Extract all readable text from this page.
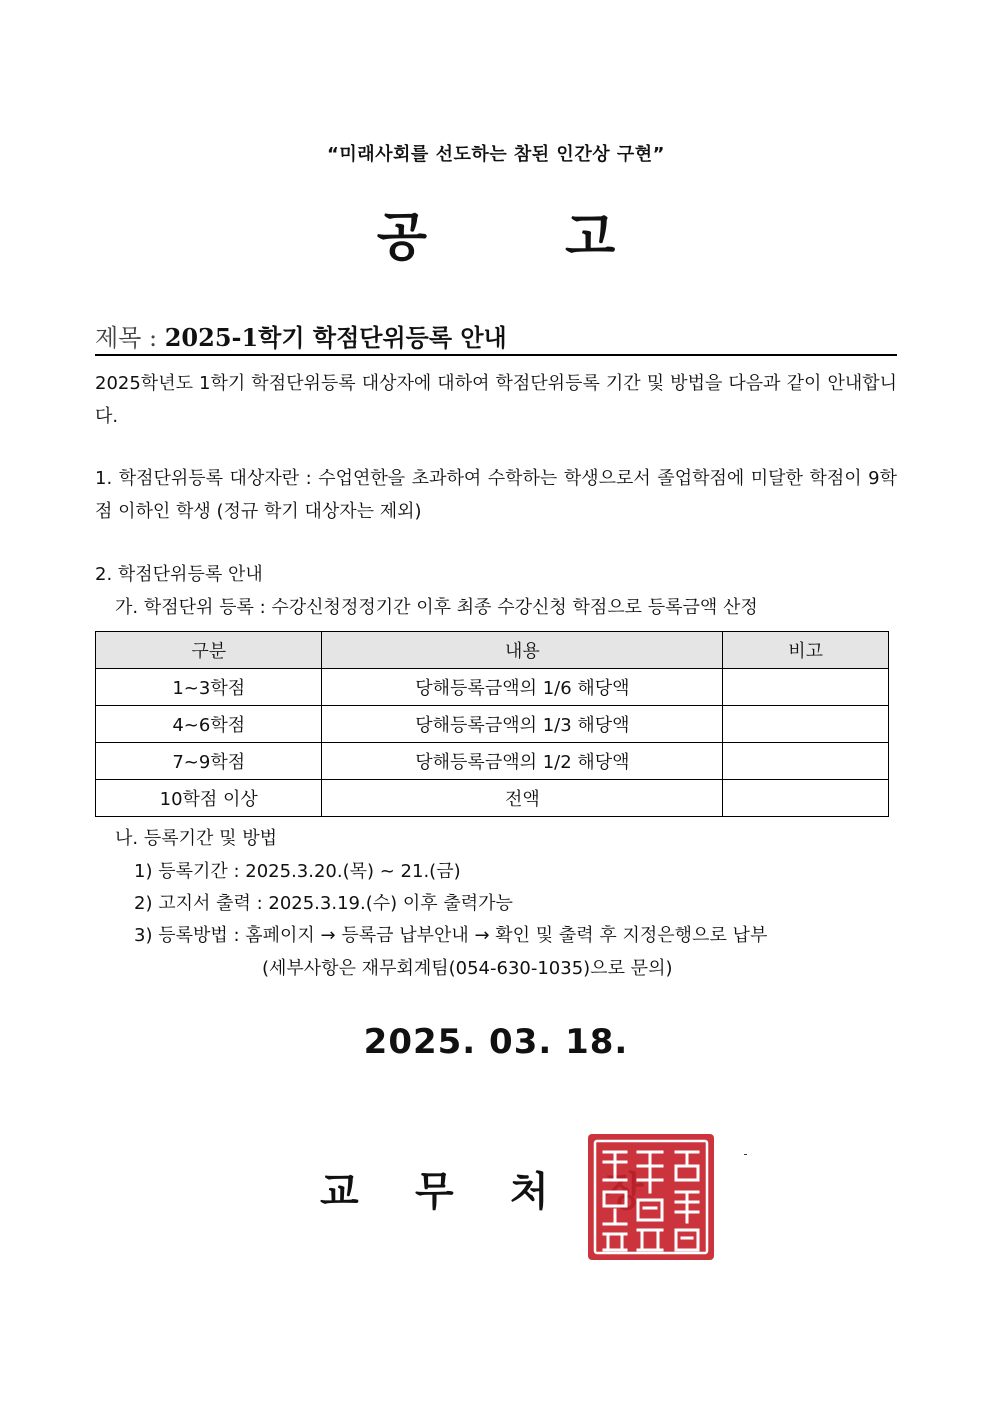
“미래사회를 선도하는 참된 인간상 구현”
공 고
제목 : 2025-1학기 학점단위등록 안내
2025학년도 1학기 학점단위등록 대상자에 대하여 학점단위등록 기간 및 방법을 다음과 같이 안내합니다.
1. 학점단위등록 대상자란 : 수업연한을 초과하여 수학하는 학생으로서 졸업학점에 미달한 학점이 9학점 이하인 학생 (정규 학기 대상자는 제외)
2. 학점단위등록 안내
가. 학점단위 등록 : 수강신청정정기간 이후 최종 수강신청 학점으로 등록금액 산정
구분	내용	비고
1~3학점	당해등록금액의 1/6 해당액	
4~6학점	당해등록금액의 1/3 해당액	
7~9학점	당해등록금액의 1/2 해당액	
10학점 이상	전액	
나. 등록기간 및 방법
1) 등록기간 : 2025.3.20.(목) ~ 21.(금)
2) 고지서 출력 : 2025.3.19.(수) 이후 출력가능
3) 등록방법 : 홈페이지 → 등록금 납부안내 → 확인 및 출력 후 지정은행으로 납부
(세부사항은 재무회계팀(054-630-1035)으로 문의)
2025. 03. 18.
교 무 처
